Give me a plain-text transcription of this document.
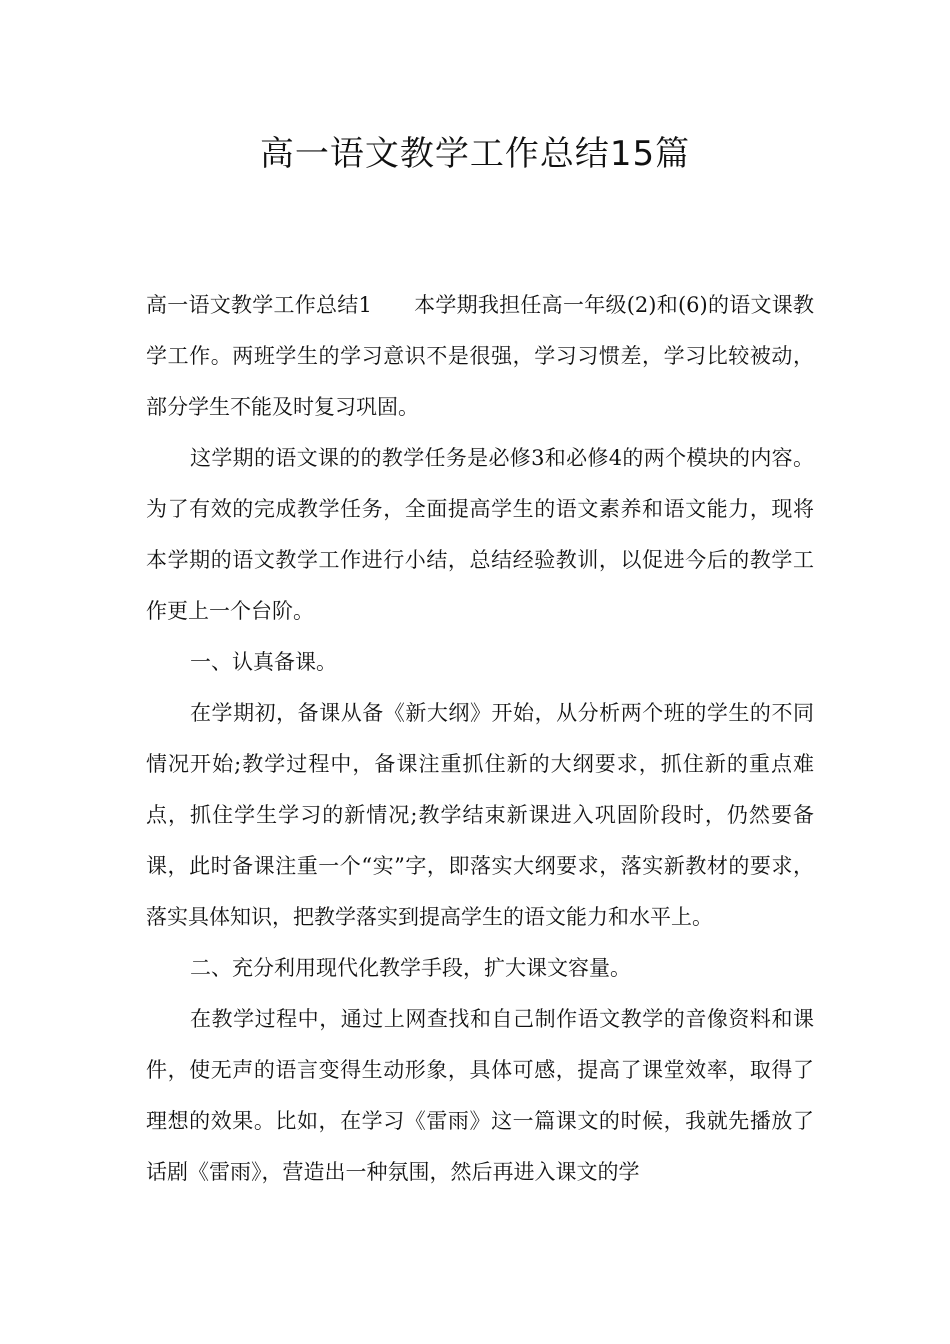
高一语文教学工作总结15篇

高一语文教学工作总结1 本学期我担任高一年级(2)和(6)的语文课教学工作。两班学生的学习意识不是很强，学习习惯差，学习比较被动，部分学生不能及时复习巩固。

这学期的语文课的的教学任务是必修3和必修4的两个模块的内容。为了有效的完成教学任务，全面提高学生的语文素养和语文能力，现将本学期的语文教学工作进行小结，总结经验教训，以促进今后的教学工作更上一个台阶。

一、认真备课。

在学期初，备课从备《新大纲》开始，从分析两个班的学生的不同情况开始;教学过程中，备课注重抓住新的大纲要求，抓住新的重点难点，抓住学生学习的新情况;教学结束新课进入巩固阶段时，仍然要备课，此时备课注重一个“实”字，即落实大纲要求，落实新教材的要求，落实具体知识，把教学落实到提高学生的语文能力和水平上。

二、充分利用现代化教学手段，扩大课文容量。

在教学过程中，通过上网查找和自己制作语文教学的音像资料和课件，使无声的语言变得生动形象，具体可感，提高了课堂效率，取得了理想的效果。比如，在学习《雷雨》这一篇课文的时候，我就先播放了话剧《雷雨》，营造出一种氛围，然后再进入课文的学
